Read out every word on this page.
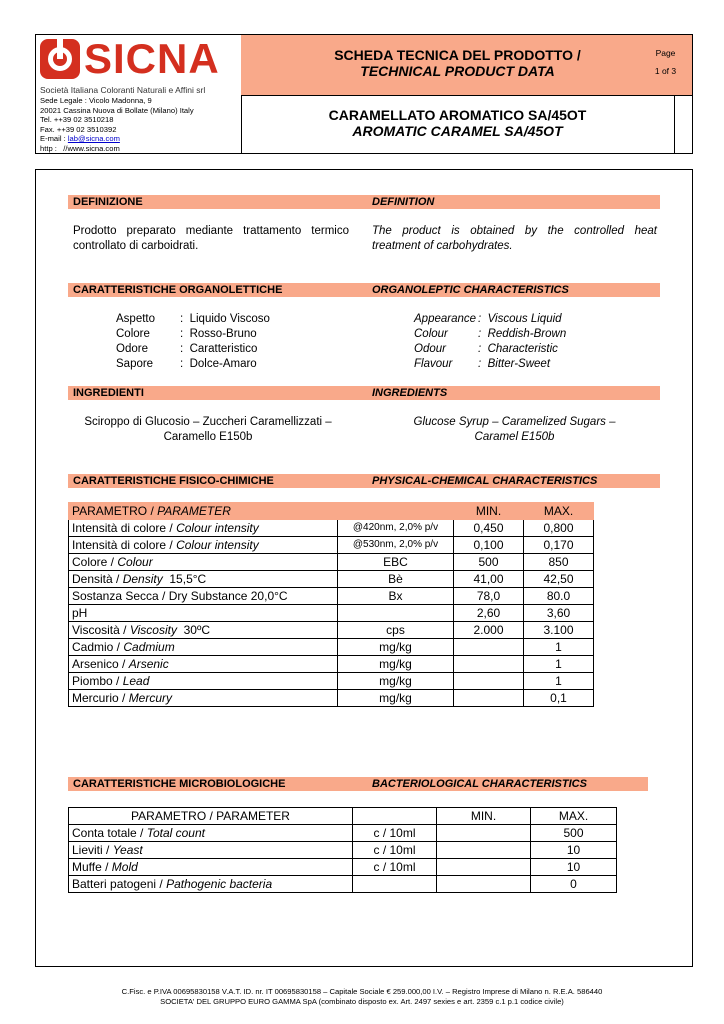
SICNA
Società Italiana Coloranti Naturali e Affini srl
Sede Legale : Vicolo Madonna, 9
20021 Cassina Nuova di Bollate (Milano) Italy
Tel. ++39 02 3510218
Fax. ++39 02 3510392
E-mail : lab@sicna.com
http : //www.sicna.com
SCHEDA TECNICA DEL PRODOTTO /
TECHNICAL PRODUCT DATA
CARAMELLATO AROMATICO SA/45OT
AROMATIC CARAMEL SA/45OT
Page
1 of 3
DEFINIZIONE	DEFINITION
Prodotto preparato mediante trattamento termico controllato di carboidrati.
The product is obtained by the controlled heat treatment of carbohydrates.
CARATTERISTICHE ORGANOLETTICHE	ORGANOLEPTIC CHARACTERISTICS
Aspetto :  Liquido Viscoso
Colore	:  Rosso-Bruno
Odore	:  Caratteristico
Sapore :  Dolce-Amaro
Appearance :  Viscous Liquid
Colour	:  Reddish-Brown
Odour	:  Characteristic
Flavour :  Bitter-Sweet
INGREDIENTI	INGREDIENTS
Sciroppo di Glucosio – Zuccheri Caramellizzati –
Caramello E150b
Glucose Syrup – Caramelized Sugars –
Caramel E150b
CARATTERISTICHE FISICO-CHIMICHE	PHYSICAL-CHEMICAL CHARACTERISTICS
PARAMETRO / PARAMETER		MIN.	MAX.
Intensità di colore / Colour intensity	@420nm, 2,0% p/v	0,450	0,800
Intensità di colore / Colour intensity	@530nm, 2,0% p/v	0,100	0,170
Colore / Colour	EBC	500	850
Densità / Density  15,5°C	Bè	41,00	42,50
Sostanza Secca / Dry Substance 20,0°C	Bx	78,0	80.0
pH		2,60	3,60
Viscosità / Viscosity  30ºC	cps	2.000	3.100
Cadmio / Cadmium	mg/kg		1
Arsenico / Arsenic	mg/kg		1
Piombo / Lead	mg/kg		1
Mercurio / Mercury	mg/kg		0,1
CARATTERISTICHE MICROBIOLOGICHE	BACTERIOLOGICAL CHARACTERISTICS
PARAMETRO / PARAMETER		MIN.	MAX.
Conta totale / Total count	c / 10ml		500
Lieviti / Yeast	c / 10ml		10
Muffe / Mold	c / 10ml		10
Batteri patogeni / Pathogenic bacteria			0
C.Fisc. e P.IVA 00695830158 V.A.T. ID. nr. IT 00695830158 – Capitale Sociale € 259.000,00 I.V. – Registro Imprese di Milano n. R.E.A. 586440
SOCIETA' DEL GRUPPO EURO GAMMA SpA (combinato disposto ex. Art. 2497 sexies e art. 2359 c.1 p.1 codice civile)
